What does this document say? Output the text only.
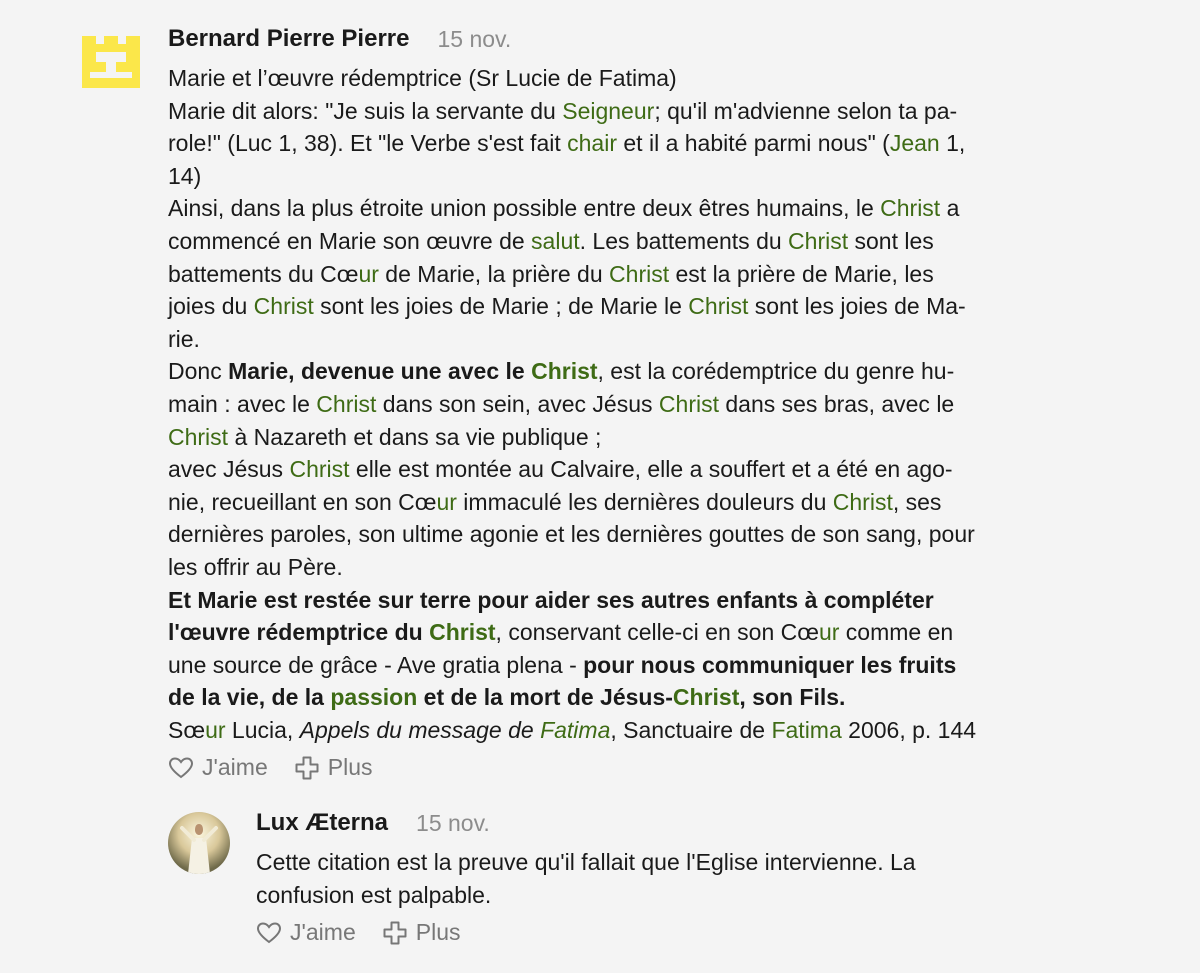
Bernard Pierre Pierre 15 nov.

Marie et l’œuvre rédemptrice (Sr Lucie de Fatima)

Marie dit alors: "Je suis la servante du Seigneur; qu'il m'advienne selon ta pa-

role!" (Luc 1, 38). Et "le Verbe s'est fait chair et il a habité parmi nous" (Jean 1,

14)

Ainsi, dans la plus étroite union possible entre deux êtres humains, le Christ a

commencé en Marie son œuvre de salut. Les battements du Christ sont les

battements du Cœur de Marie, la prière du Christ est la prière de Marie, les

joies du Christ sont les joies de Marie ; de Marie le Christ sont les joies de Ma-

rie.

Donc Marie, devenue une avec le Christ, est la corédemptrice du genre hu-

main : avec le Christ dans son sein, avec Jésus Christ dans ses bras, avec le

Christ à Nazareth et dans sa vie publique ;

avec Jésus Christ elle est montée au Calvaire, elle a souffert et a été en ago-

nie, recueillant en son Cœur immaculé les dernières douleurs du Christ, ses

dernières paroles, son ultime agonie et les dernières gouttes de son sang, pour

les offrir au Père.

Et Marie est restée sur terre pour aider ses autres enfants à compléter

l'œuvre rédemptrice du Christ, conservant celle-ci en son Cœur comme en

une source de grâce - Ave gratia plena - pour nous communiquer les fruits

de la vie, de la passion et de la mort de Jésus-Christ, son Fils.

Sœur Lucia, Appels du message de Fatima, Sanctuaire de Fatima 2006, p. 144

J'aime	Plus
Lux Æterna 15 nov.

Cette citation est la preuve qu'il fallait que l'Eglise intervienne. La

confusion est palpable.

J'aime	Plus
